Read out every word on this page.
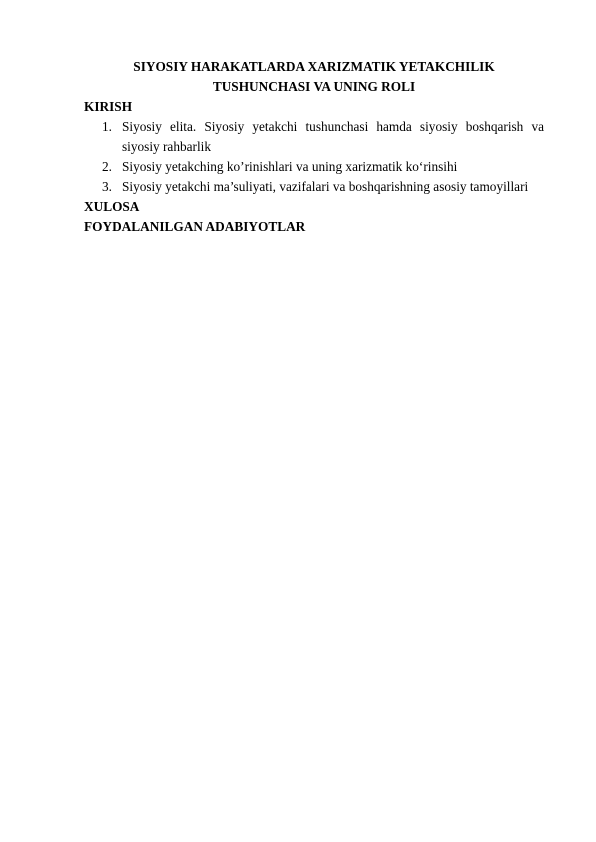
SIYOSIY HARAKATLARDA XARIZMATIK YETAKCHILIK
TUSHUNCHASI VA UNING ROLI
KIRISH
1. Siyosiy elita. Siyosiy yetakchi tushunchasi hamda siyosiy boshqarish va siyosiy rahbarlik
2. Siyosiy yetakching ko’rinishlari va uning xarizmatik ko‘rinsihi
3. Siyosiy yetakchi ma’suliyati, vazifalari va boshqarishning asosiy tamoyillari
XULOSA
FOYDALANILGAN ADABIYOTLAR
